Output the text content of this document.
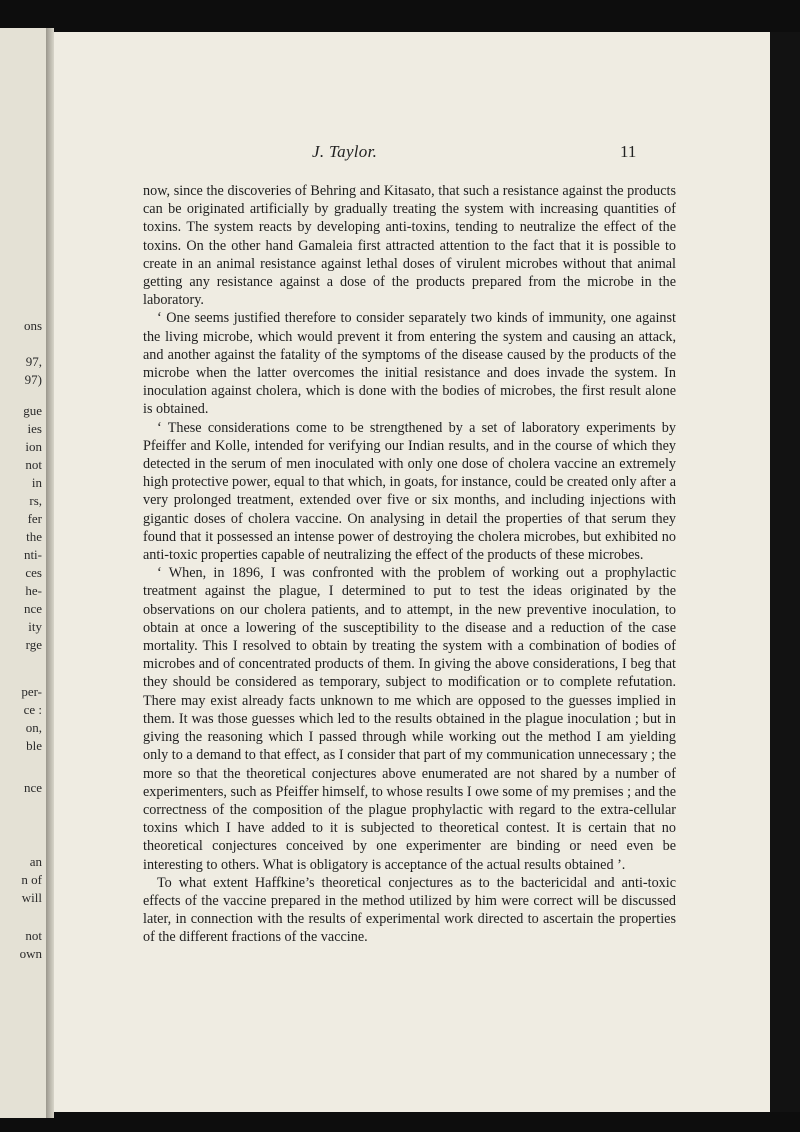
ons
97,
97)
gue
ies
ion
not
in
rs,
fer
the
nti-
ces
he-
nce
ity
rge
per-
ce :
on,
ble
nce
an
n of
will
not
own
J. Taylor.	11

now, since the discoveries of Behring and Kitasato, that such a resistance against the products can be originated artificially by gradually treating the system with increasing quantities of toxins. The system reacts by developing anti-toxins, tending to neutralize the effect of the toxins. On the other hand Gamaleia first attracted attention to the fact that it is possible to create in an animal resistance against lethal doses of virulent microbes without that animal getting any resistance against a dose of the products prepared from the microbe in the laboratory.

‘ One seems justified therefore to consider separately two kinds of immunity, one against the living microbe, which would prevent it from entering the system and causing an attack, and another against the fatality of the symptoms of the disease caused by the products of the microbe when the latter overcomes the initial resistance and does invade the system. In inoculation against cholera, which is done with the bodies of microbes, the first result alone is obtained.

‘ These considerations come to be strengthened by a set of laboratory experiments by Pfeiffer and Kolle, intended for verifying our Indian results, and in the course of which they detected in the serum of men inoculated with only one dose of cholera vaccine an extremely high protective power, equal to that which, in goats, for instance, could be created only after a very prolonged treatment, extended over five or six months, and including injections with gigantic doses of cholera vaccine. On analysing in detail the properties of that serum they found that it possessed an intense power of destroying the cholera microbes, but exhibited no anti-toxic properties capable of neutralizing the effect of the products of these microbes.

‘ When, in 1896, I was confronted with the problem of working out a prophylactic treatment against the plague, I determined to put to test the ideas originated by the observations on our cholera patients, and to attempt, in the new preventive inoculation, to obtain at once a lowering of the susceptibility to the disease and a reduction of the case mortality. This I resolved to obtain by treating the system with a combination of bodies of microbes and of concentrated products of them. In giving the above considerations, I beg that they should be considered as temporary, subject to modification or to complete refutation. There may exist already facts unknown to me which are opposed to the guesses implied in them. It was those guesses which led to the results obtained in the plague inoculation ; but in giving the reasoning which I passed through while working out the method I am yielding only to a demand to that effect, as I consider that part of my communication unnecessary ; the more so that the theoretical conjectures above enumerated are not shared by a number of experimenters, such as Pfeiffer himself, to whose results I owe some of my premises ; and the correctness of the composition of the plague prophylactic with regard to the extra-cellular toxins which I have added to it is subjected to theoretical contest. It is certain that no theoretical conjectures conceived by one experimenter are binding or need even be interesting to others. What is obligatory is acceptance of the actual results obtained ’.

To what extent Haffkine’s theoretical conjectures as to the bactericidal and anti-toxic effects of the vaccine prepared in the method utilized by him were correct will be discussed later, in connection with the results of experimental work directed to ascertain the properties of the different fractions of the vaccine.
